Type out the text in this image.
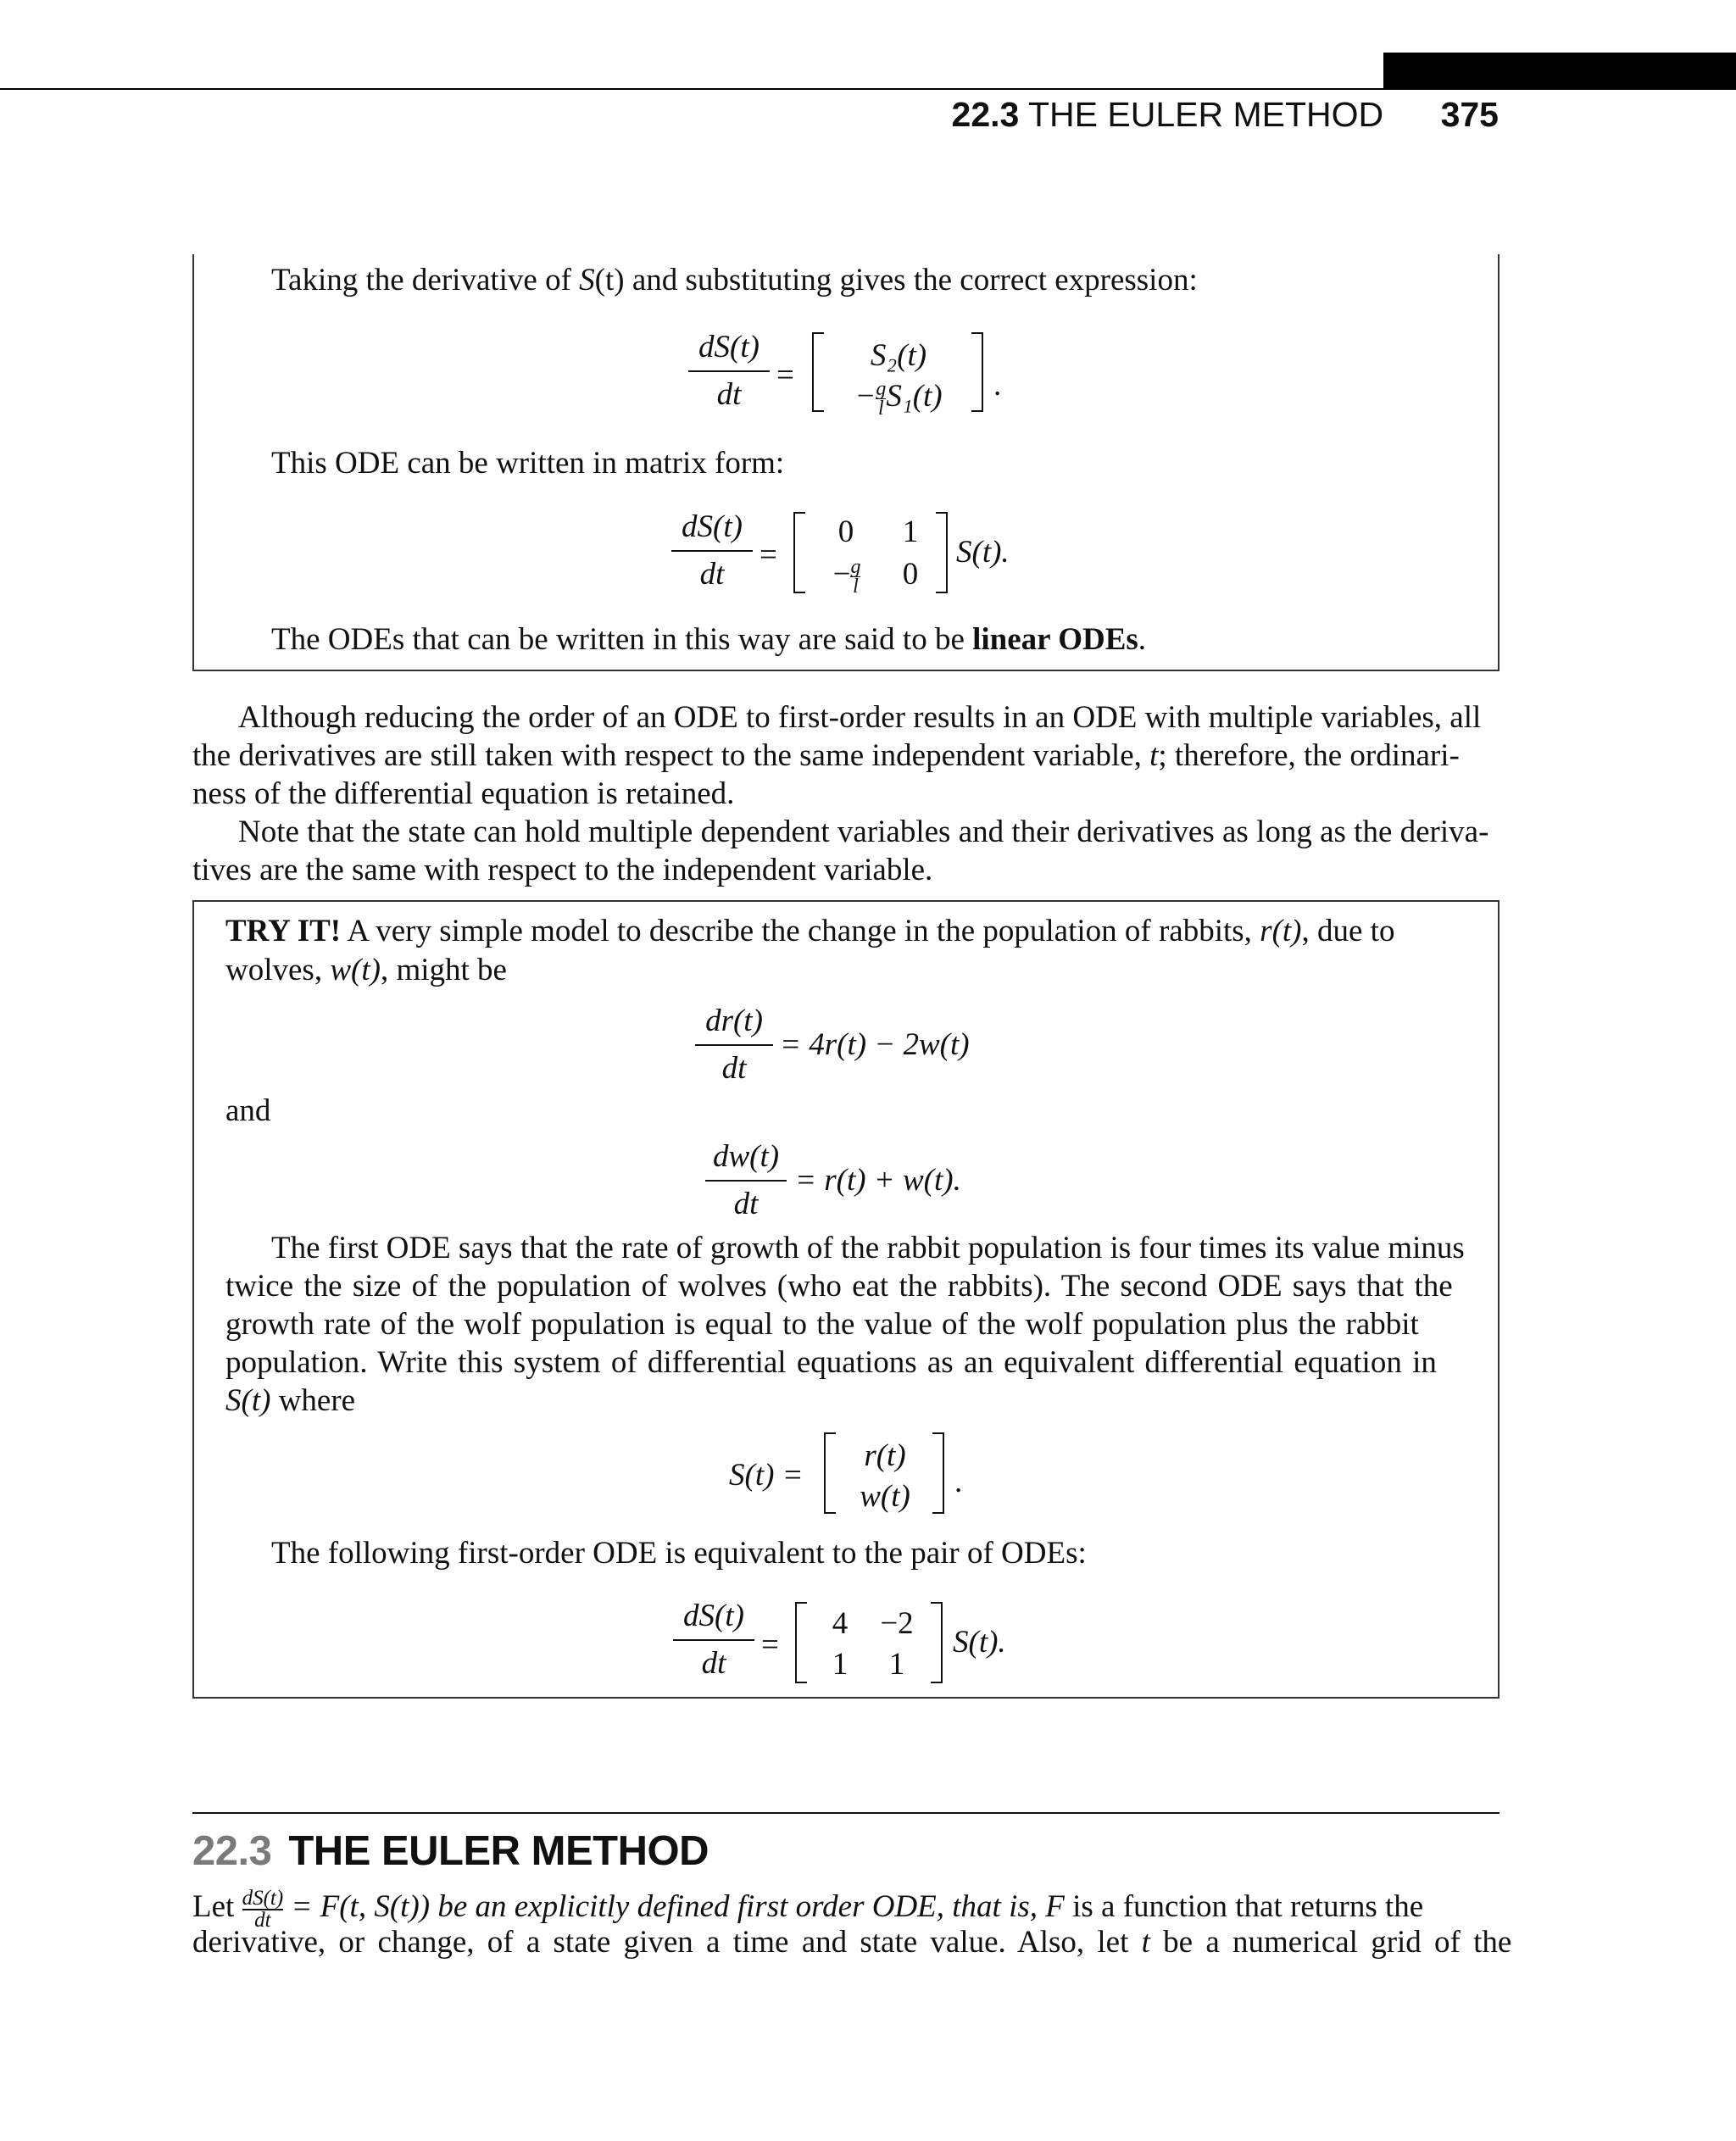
22.3 THE EULER METHOD 375
Taking the derivative of S(t) and substituting gives the correct expression:
dS(t)
dt
=
S₂(t)
$-\frac{g}{l}S_1(t)$	.
This ODE can be written in matrix form:
dS(t)
dt
=
0	1
$-\frac{g}{l}$	0
S(t).
The ODEs that can be written in this way are said to be linear ODEs.
Although reducing the order of an ODE to first-order results in an ODE with multiple variables, all
the derivatives are still taken with respect to the same independent variable, t; therefore, the ordinari-
ness of the differential equation is retained.
Note that the state can hold multiple dependent variables and their derivatives as long as the deriva-
tives are the same with respect to the independent variable.
TRY IT! A very simple model to describe the change in the population of rabbits, r(t), due to
wolves, w(t), might be
dr(t)
dt
= 4r(t) − 2w(t)
and
dw(t)
dt
= r(t) + w(t).
The first ODE says that the rate of growth of the rabbit population is four times its value minus
twice the size of the population of wolves (who eat the rabbits). The second ODE says that the
growth rate of the wolf population is equal to the value of the wolf population plus the rabbit
population. Write this system of differential equations as an equivalent differential equation in
S(t) where
S(t) =
r(t)
w(t)	.
The following first-order ODE is equivalent to the pair of ODEs:
dS(t)
dt
=
4	−2
1	1
S(t).
22.3 THE EULER METHOD
Let $\frac{dS(t)}{dt} = F(t$, S(t)) be an explicitly defined first order ODE, that is, F is a function that returns the
derivative, or change, of a state given a time and state value. Also, let t be a numerical grid of the
